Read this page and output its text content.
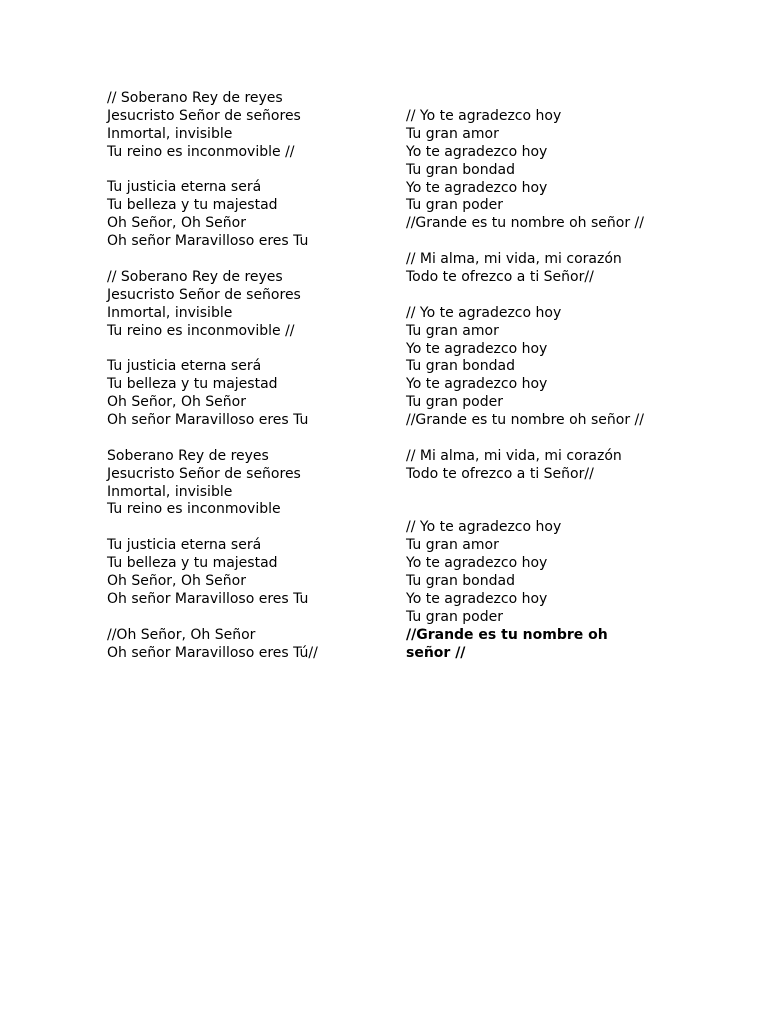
// Soberano Rey de reyes
Jesucristo Señor de señores
Inmortal, invisible
Tu reino es inconmovible //
Tu justicia eterna será
Tu belleza y tu majestad
Oh Señor, Oh Señor
Oh señor Maravilloso eres Tu
// Soberano Rey de reyes
Jesucristo Señor de señores
Inmortal, invisible
Tu reino es inconmovible //
Tu justicia eterna será
Tu belleza y tu majestad
Oh Señor, Oh Señor
Oh señor Maravilloso eres Tu
Soberano Rey de reyes
Jesucristo Señor de señores
Inmortal, invisible
Tu reino es inconmovible
Tu justicia eterna será
Tu belleza y tu majestad
Oh Señor, Oh Señor
Oh señor Maravilloso eres Tu
//Oh Señor, Oh Señor
Oh señor Maravilloso eres Tú//
// Yo te agradezco hoy
Tu gran amor
Yo te agradezco hoy
Tu gran bondad
Yo te agradezco hoy
Tu gran poder
//Grande es tu nombre oh señor //
// Mi alma, mi vida, mi corazón
Todo te ofrezco a ti Señor//
// Yo te agradezco hoy
Tu gran amor
Yo te agradezco hoy
Tu gran bondad
Yo te agradezco hoy
Tu gran poder
//Grande es tu nombre oh señor //
// Mi alma, mi vida, mi corazón
Todo te ofrezco a ti Señor//
// Yo te agradezco hoy
Tu gran amor
Yo te agradezco hoy
Tu gran bondad
Yo te agradezco hoy
Tu gran poder
//Grande es tu nombre oh señor //
